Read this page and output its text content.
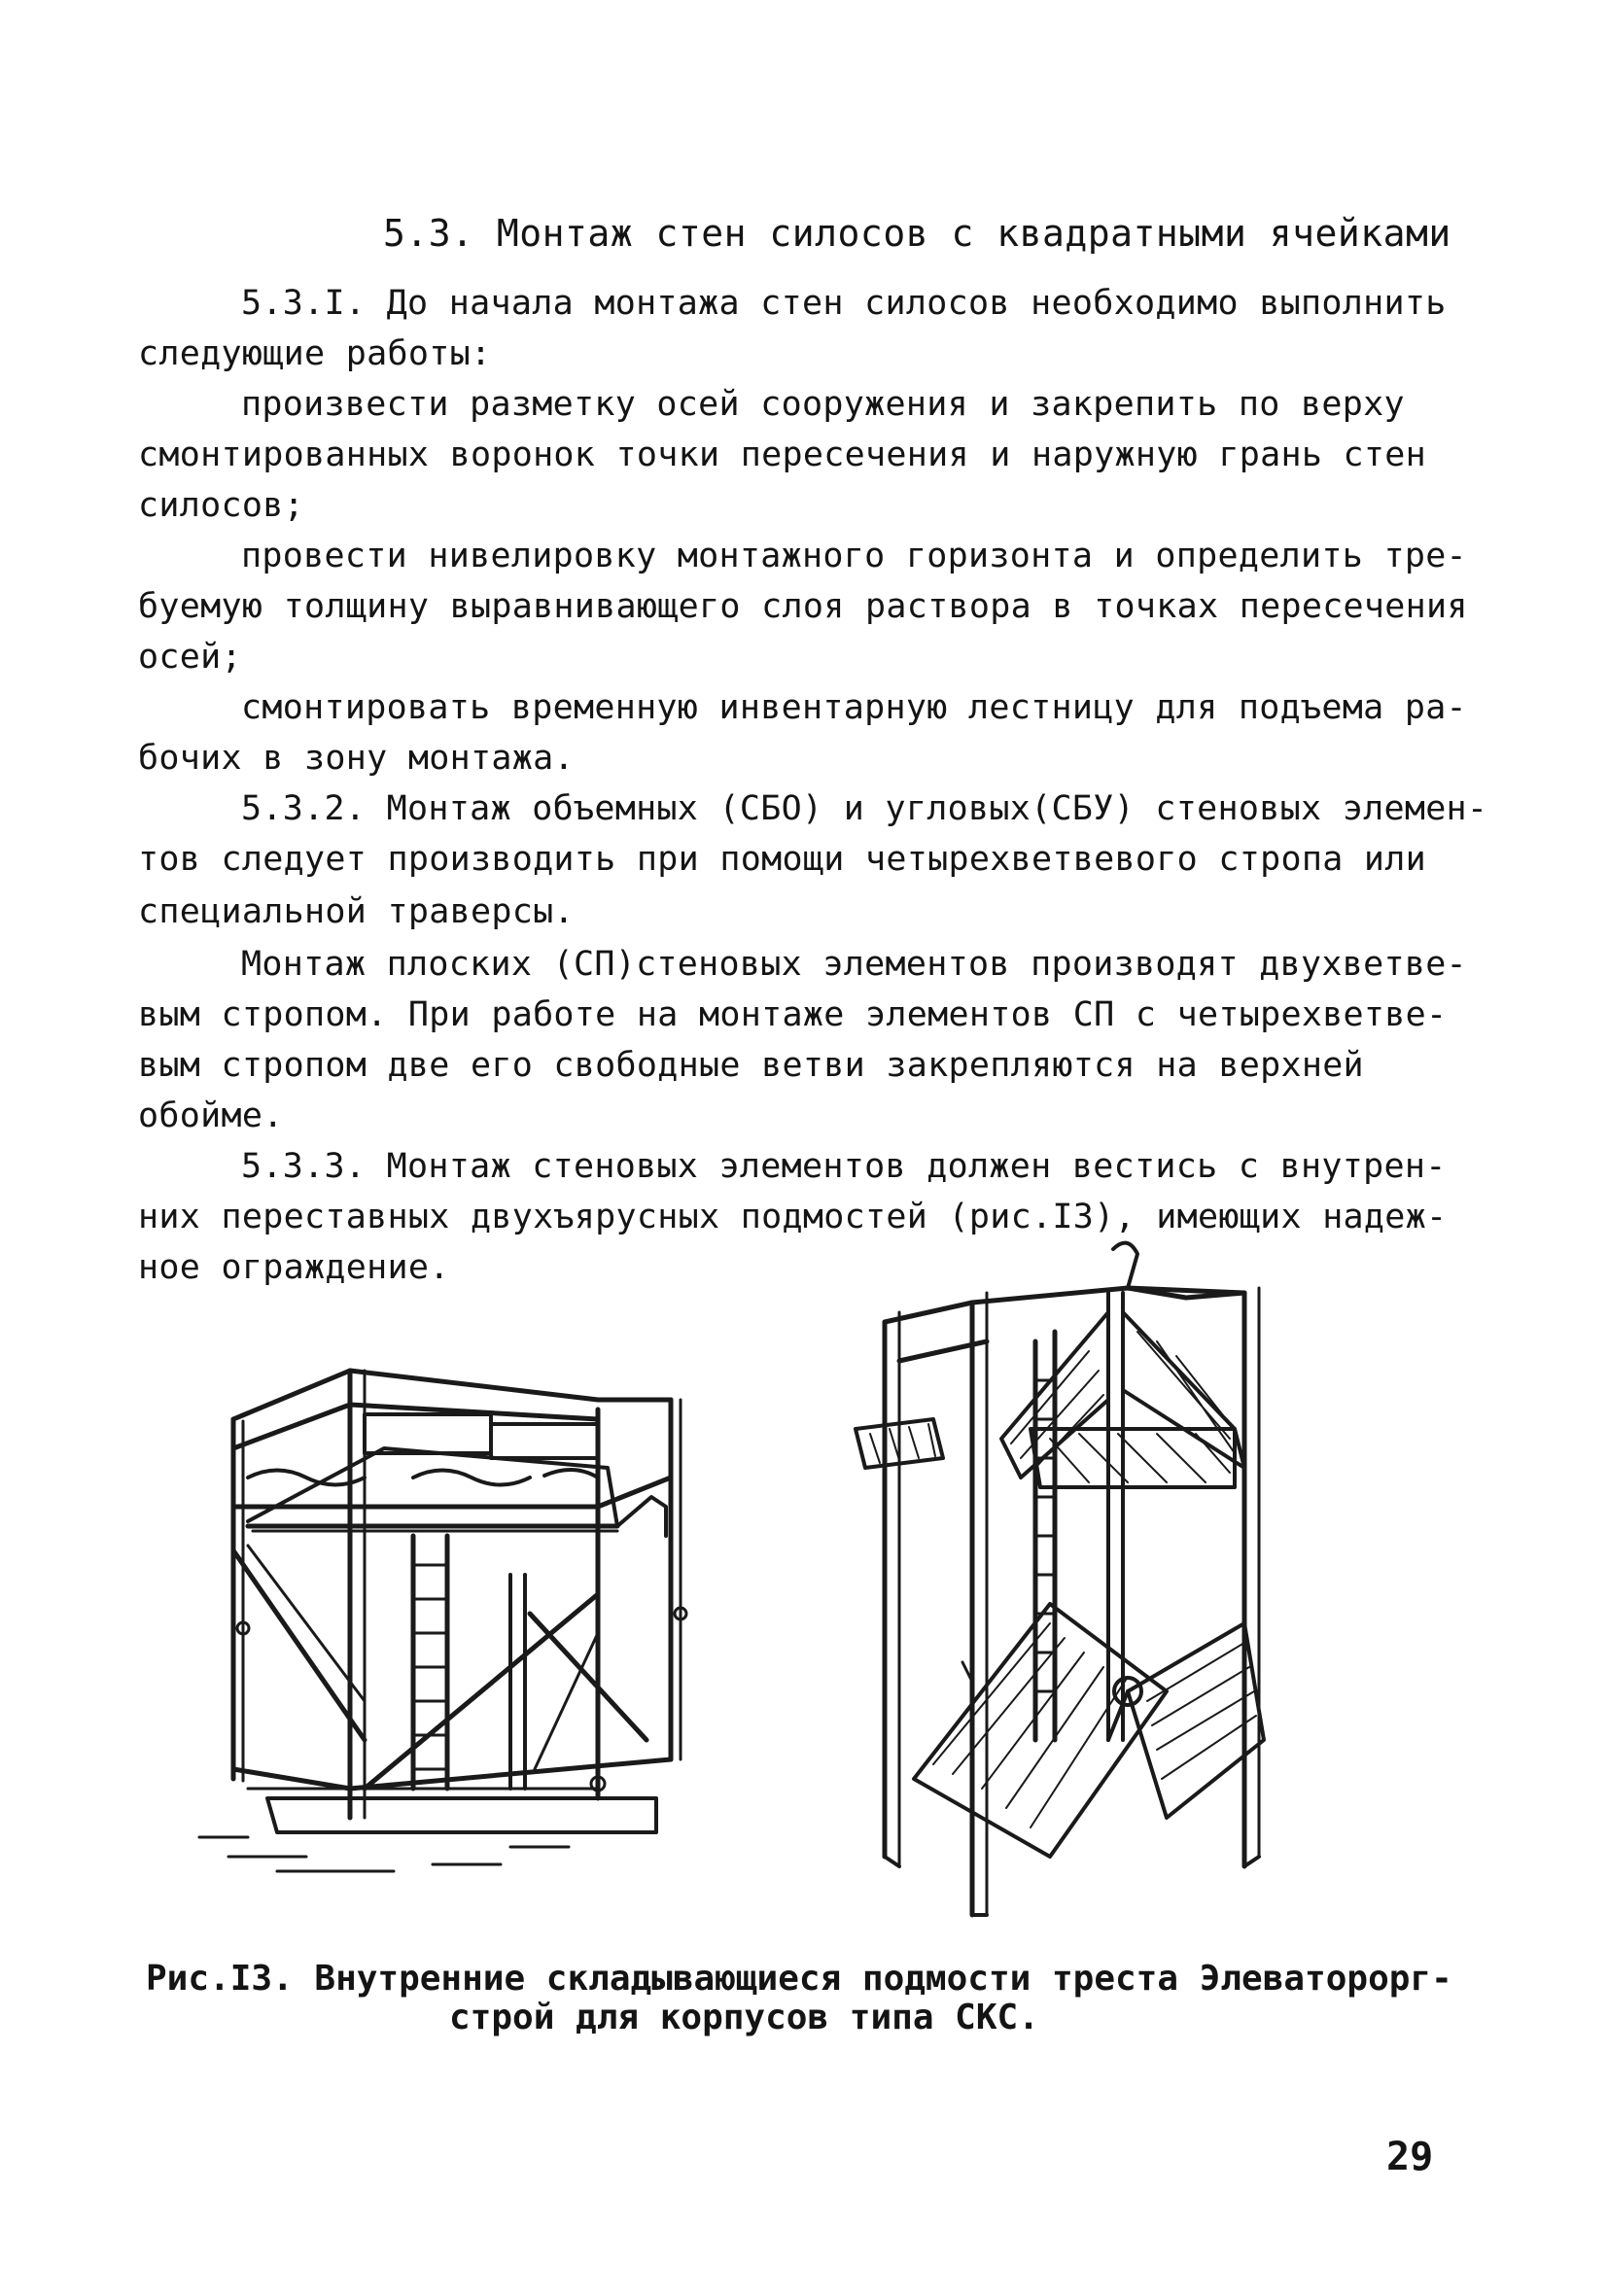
5.3. Монтаж стен силосов с квадратными ячейками
5.3.I. До начала монтажа стен силосов необходимо выполнить
следующие работы:
произвести разметку осей сооружения и закрепить по верху
смонтированных воронок точки пересечения и наружную грань стен
силосов;
провести нивелировку монтажного горизонта и определить тре-
буемую толщину выравнивающего слоя раствора в точках пересечения
осей;
смонтировать временную инвентарную лестницу для подъема ра-
бочих в зону монтажа.
5.3.2. Монтаж объемных (СБО) и угловых(СБУ) стеновых элемен-
тов следует производить при помощи четырехветвевого стропа или
специальной траверсы.
Монтаж плоских (СП)стеновых элементов производят двухветве-
вым стропом. При работе на монтаже элементов СП с четырехветве-
вым стропом две его свободные ветви закрепляются на верхней
обойме.
5.3.3. Монтаж стеновых элементов должен вестись с внутрен-
них переставных двухъярусных подмостей (рис.I3), имеющих надеж-
ное ограждение.
Рис.I3. Внутренние складывающиеся подмости треста Элеваторорг-
строй для корпусов типа СКС.
29
